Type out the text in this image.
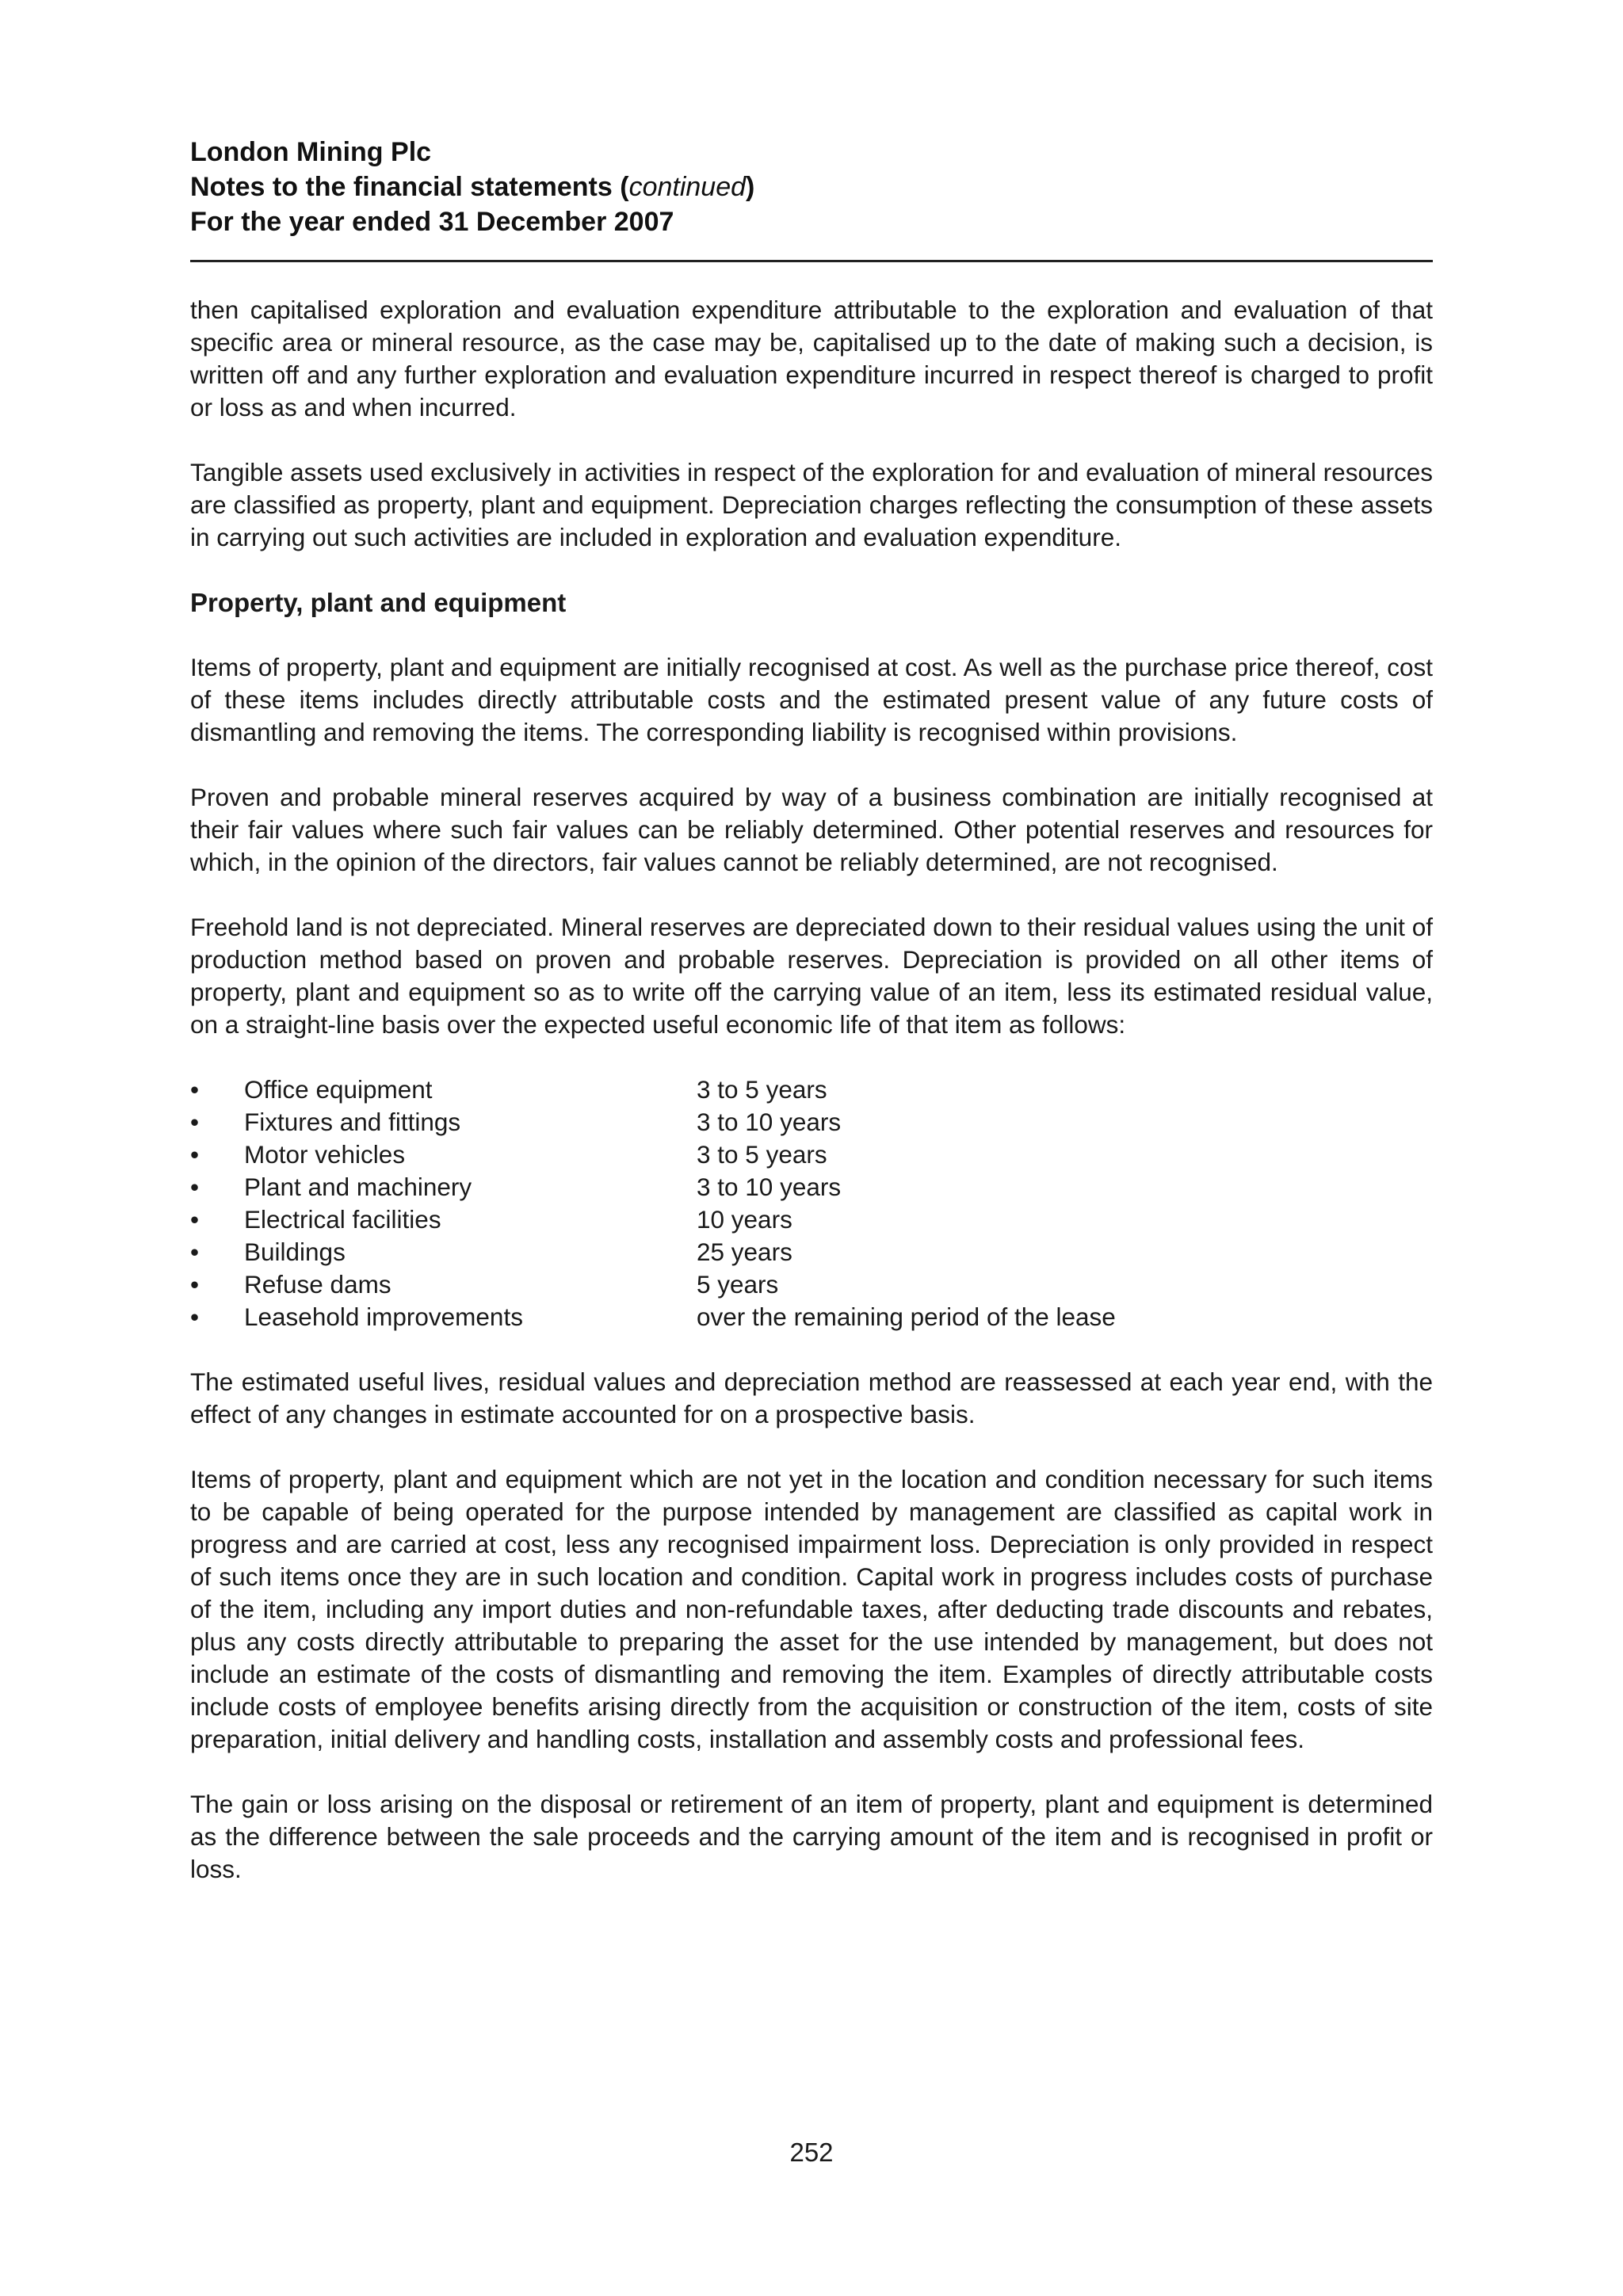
London Mining Plc
Notes to the financial statements (continued)
For the year ended 31 December 2007

then capitalised exploration and evaluation expenditure attributable to the exploration and evaluation of that specific area or mineral resource, as the case may be, capitalised up to the date of making such a decision, is written off and any further exploration and evaluation expenditure incurred in respect thereof is charged to profit or loss as and when incurred.

Tangible assets used exclusively in activities in respect of the exploration for and evaluation of mineral resources are classified as property, plant and equipment. Depreciation charges reflecting the consumption of these assets in carrying out such activities are included in exploration and evaluation expenditure.

Property, plant and equipment

Items of property, plant and equipment are initially recognised at cost. As well as the purchase price thereof, cost of these items includes directly attributable costs and the estimated present value of any future costs of dismantling and removing the items. The corresponding liability is recognised within provisions.

Proven and probable mineral reserves acquired by way of a business combination are initially recognised at their fair values where such fair values can be reliably determined. Other potential reserves and resources for which, in the opinion of the directors, fair values cannot be reliably determined, are not recognised.

Freehold land is not depreciated. Mineral reserves are depreciated down to their residual values using the unit of production method based on proven and probable reserves. Depreciation is provided on all other items of property, plant and equipment so as to write off the carrying value of an item, less its estimated residual value, on a straight-line basis over the expected useful economic life of that item as follows:

•	Office equipment	3 to 5 years
•	Fixtures and fittings	3 to 10 years
•	Motor vehicles	3 to 5 years
•	Plant and machinery	3 to 10 years
•	Electrical facilities	10 years
•	Buildings	25 years
•	Refuse dams	5 years
•	Leasehold improvements	over the remaining period of the lease

The estimated useful lives, residual values and depreciation method are reassessed at each year end, with the effect of any changes in estimate accounted for on a prospective basis.

Items of property, plant and equipment which are not yet in the location and condition necessary for such items to be capable of being operated for the purpose intended by management are classified as capital work in progress and are carried at cost, less any recognised impairment loss. Depreciation is only provided in respect of such items once they are in such location and condition. Capital work in progress includes costs of purchase of the item, including any import duties and non-refundable taxes, after deducting trade discounts and rebates, plus any costs directly attributable to preparing the asset for the use intended by management, but does not include an estimate of the costs of dismantling and removing the item. Examples of directly attributable costs include costs of employee benefits arising directly from the acquisition or construction of the item, costs of site preparation, initial delivery and handling costs, installation and assembly costs and professional fees.

The gain or loss arising on the disposal or retirement of an item of property, plant and equipment is determined as the difference between the sale proceeds and the carrying amount of the item and is recognised in profit or loss.

252
